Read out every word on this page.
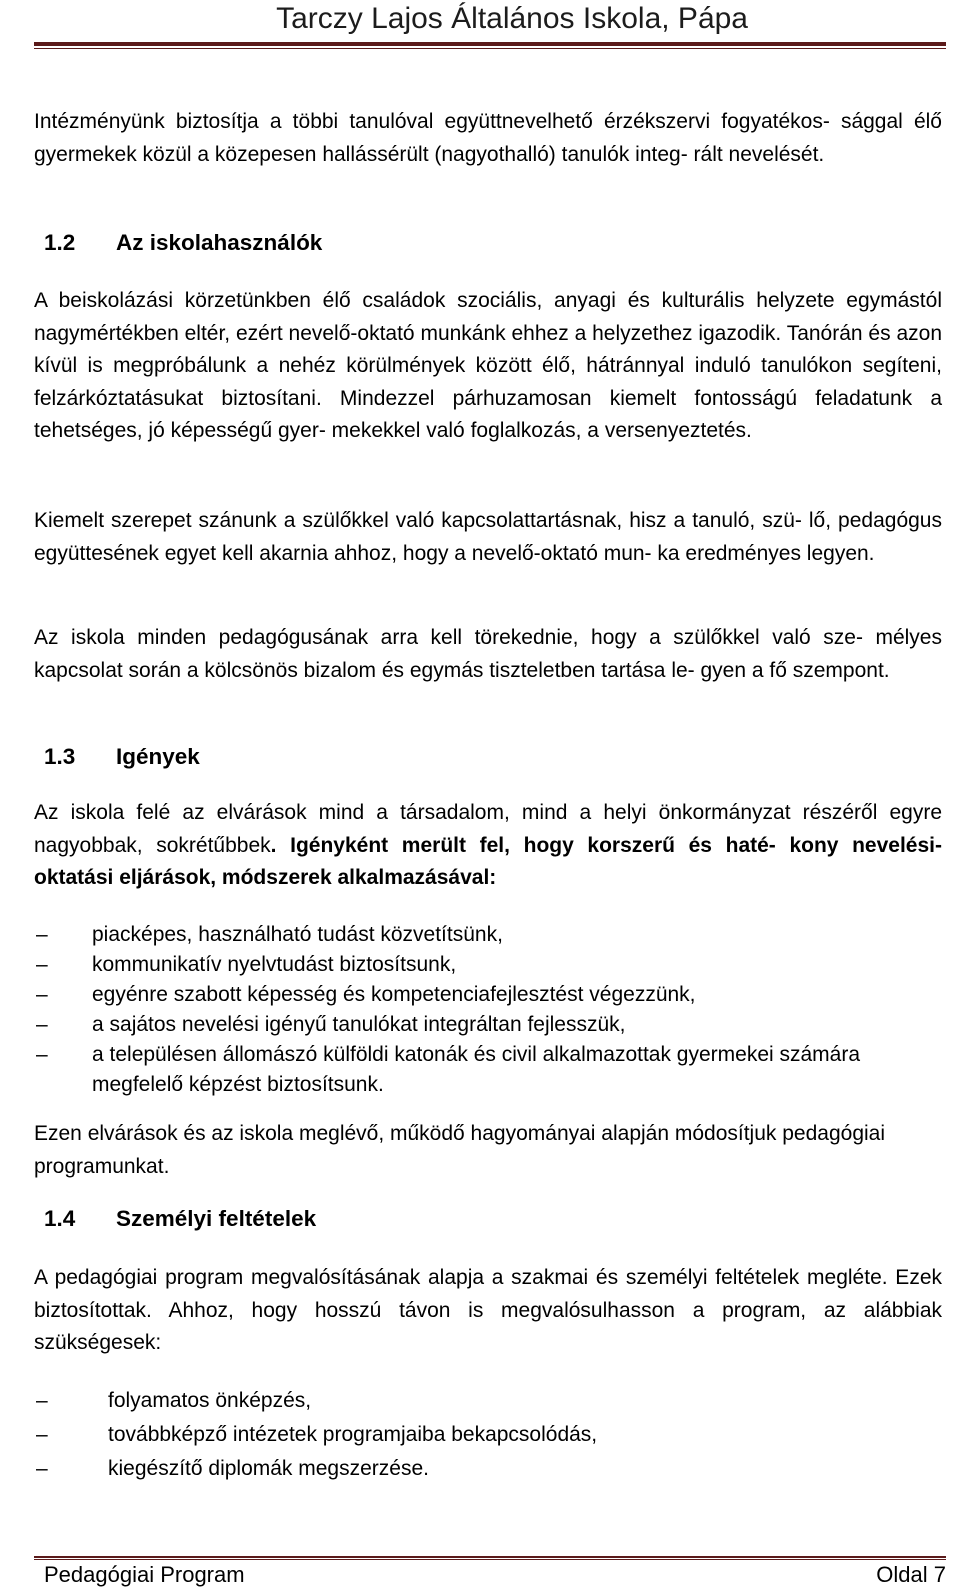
Tarczy Lajos Általános Iskola, Pápa

Intézményünk biztosítja a többi tanulóval együttnevelhető érzékszervi fogyatékos- sággal élő gyermekek közül a közepesen hallássérült (nagyothalló) tanulók integ- rált nevelését.

1.2 Az iskolahasználók

A beiskolázási körzetünkben élő családok szociális, anyagi és kulturális helyzete egymástól nagymértékben eltér, ezért nevelő-oktató munkánk ehhez a helyzethez igazodik. Tanórán és azon kívül is megpróbálunk a nehéz körülmények között élő, hátránnyal induló tanulókon segíteni, felzárkóztatásukat biztosítani. Mindezzel párhuzamosan kiemelt fontosságú feladatunk a tehetséges, jó képességű gyer- mekekkel való foglalkozás, a versenyeztetés.

Kiemelt szerepet szánunk a szülőkkel való kapcsolattartásnak, hisz a tanuló, szü- lő, pedagógus együttesének egyet kell akarnia ahhoz, hogy a nevelő-oktató mun- ka eredményes legyen.

Az iskola minden pedagógusának arra kell törekednie, hogy a szülőkkel való sze- mélyes kapcsolat során a kölcsönös bizalom és egymás tiszteletben tartása le- gyen a fő szempont.

1.3 Igények

Az iskola felé az elvárások mind a társadalom, mind a helyi önkormányzat részéről egyre nagyobbak, sokrétűbbek. Igényként merült fel, hogy korszerű és haté- kony nevelési-oktatási eljárások, módszerek alkalmazásával:

– piacképes, használható tudást közvetítsünk,
– kommunikatív nyelvtudást biztosítsunk,
– egyénre szabott képesség és kompetenciafejlesztést végezzünk,
– a sajátos nevelési igényű tanulókat integráltan fejlesszük,
– a településen állomászó külföldi katonák és civil alkalmazottak gyermekei számára megfelelő képzést biztosítsunk.

Ezen elvárások és az iskola meglévő, működő hagyományai alapján módosítjuk pedagógiai programunkat.

1.4 Személyi feltételek

A pedagógiai program megvalósításának alapja a szakmai és személyi feltételek megléte. Ezek biztosítottak. Ahhoz, hogy hosszú távon is megvalósulhasson a program, az alábbiak szükségesek:

–	folyamatos önképzés,
–	továbbképző intézetek programjaiba bekapcsolódás,
–	kiegészítő diplomák megszerzése.
Pedagógiai Program	Oldal 7
